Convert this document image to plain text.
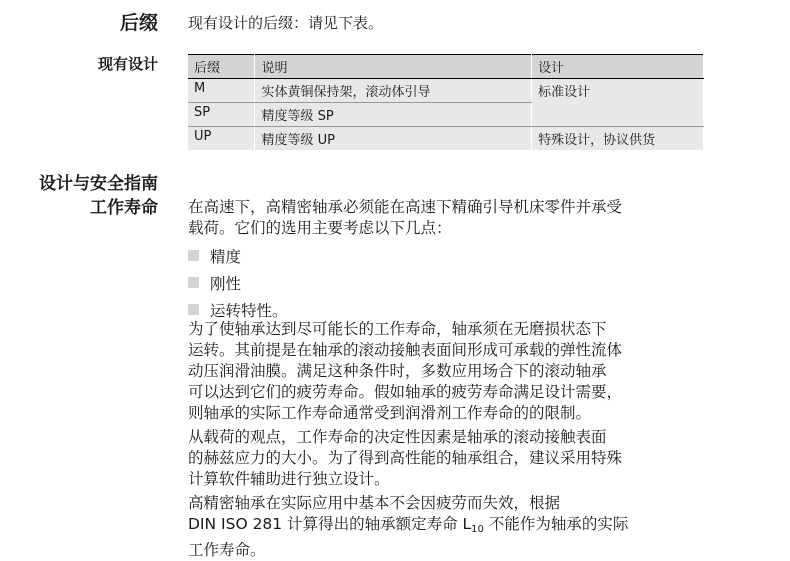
后缀 现有设计的后缀：请见下表。
现有设计	后缀	说明	设计
M	实体黄铜保持架，滚动体引导	标准设计
SP	精度等级 SP	
UP	精度等级 UP	特殊设计，协议供货
设计与安全指南
工作寿命 在高速下，高精密轴承必须能在高速下精确引导机床零件并承受
载荷。它们的选用主要考虑以下几点：
精度
刚性
运转特性。
为了使轴承达到尽可能长的工作寿命，轴承须在无磨损状态下
运转。其前提是在轴承的滚动接触表面间形成可承载的弹性流体
动压润滑油膜。满足这种条件时，多数应用场合下的滚动轴承
可以达到它们的疲劳寿命。假如轴承的疲劳寿命满足设计需要，
则轴承的实际工作寿命通常受到润滑剂工作寿命的的限制。
从载荷的观点，工作寿命的决定性因素是轴承的滚动接触表面
的赫兹应力的大小。为了得到高性能的轴承组合，建议采用特殊
计算软件辅助进行独立设计。
高精密轴承在实际应用中基本不会因疲劳而失效，根据
DIN ISO 281 计算得出的轴承额定寿命 $L_{10}$ 不能作为轴承的实际
工作寿命。
